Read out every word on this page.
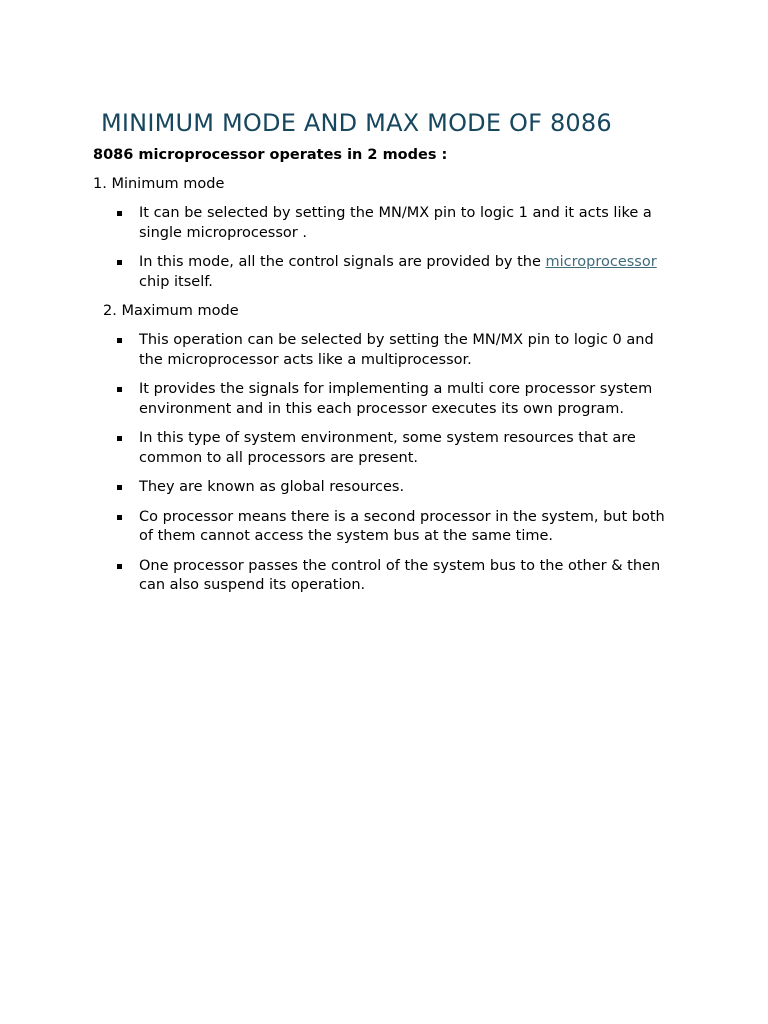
MINIMUM MODE AND MAX MODE OF 8086

8086 microprocessor operates in 2 modes :

1. Minimum mode

It can be selected by setting the MN/MX pin to logic 1 and it acts like a single microprocessor .
In this mode, all the control signals are provided by the microprocessor chip itself.

2. Maximum mode

This operation can be selected by setting the MN/MX pin to logic 0 and the microprocessor acts like a multiprocessor.
It provides the signals for implementing a multi core processor system environment and in this each processor executes its own program.
In this type of system environment, some system resources that are common to all processors are present.
They are known as global resources.
Co processor means there is a second processor in the system, but both of them cannot access the system bus at the same time.
One processor passes the control of the system bus to the other & then can also suspend its operation.
